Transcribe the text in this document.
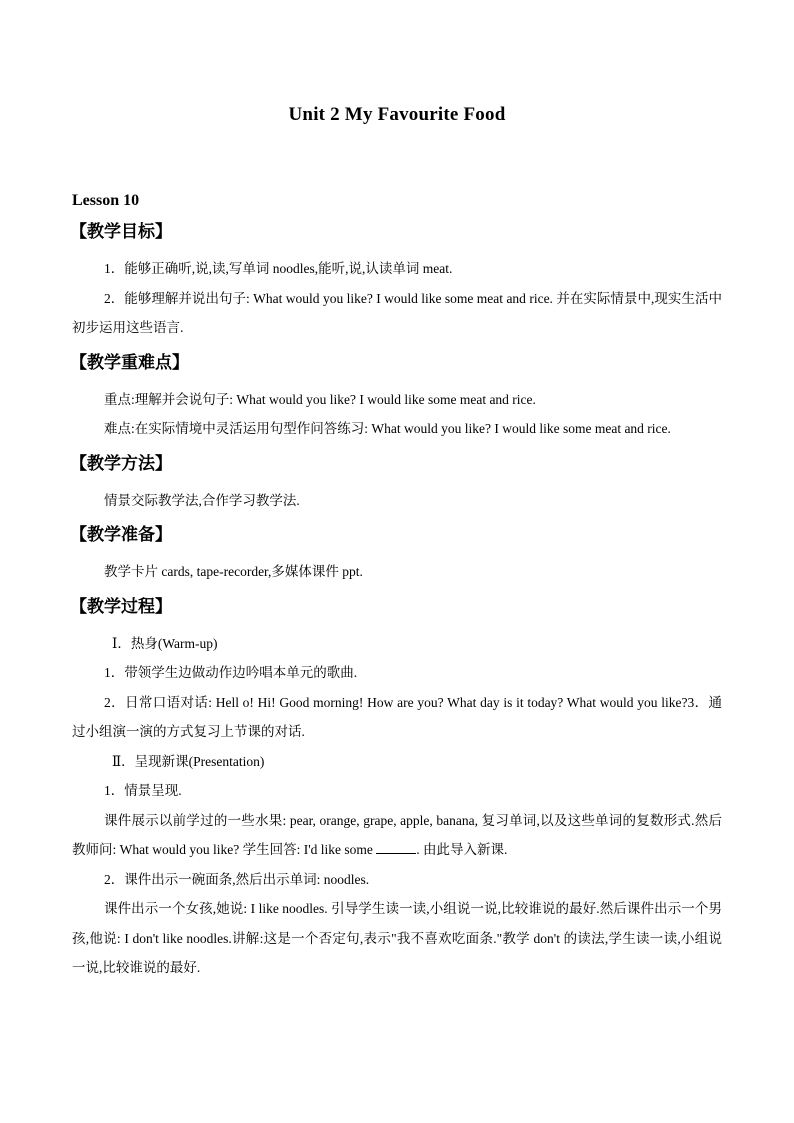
Unit 2 My Favourite Food
Lesson 10
【教学目标】

1．能够正确听,说,读,写单词 noodles,能听,说,认读单词 meat.

2．能够理解并说出句子: What would you like? I would like some meat and rice. 并在实际情景中,现实生活中初步运用这些语言.

【教学重难点】

重点:理解并会说句子: What would you like? I would like some meat and rice.

难点:在实际情境中灵活运用句型作问答练习: What would you like? I would like some meat and rice.

【教学方法】

情景交际教学法,合作学习教学法.

【教学准备】

教学卡片 cards, tape-recorder,多媒体课件 ppt.

【教学过程】

Ⅰ．热身(Warm-up)

1．带领学生边做动作边吟唱本单元的歌曲.

2．日常口语对话: Hell o! Hi! Good morning! How are you? What day is it today? What would you like?3．通过小组演一演的方式复习上节课的对话.

Ⅱ．呈现新课(Presentation)

1．情景呈现.

课件展示以前学过的一些水果: pear, orange, grape, apple, banana, 复习单词,以及这些单词的复数形式.然后教师问: What would you like? 学生回答: I'd like some	. 由此导入新课.

2．课件出示一碗面条,然后出示单词: noodles.

课件出示一个女孩,她说: I like noodles. 引导学生读一读,小组说一说,比较谁说的最好.然后课件出示一个男孩,他说: I don't like noodles.讲解:这是一个否定句,表示"我不喜欢吃面条."教学 don't 的读法,学生读一读,小组说一说,比较谁说的最好.
